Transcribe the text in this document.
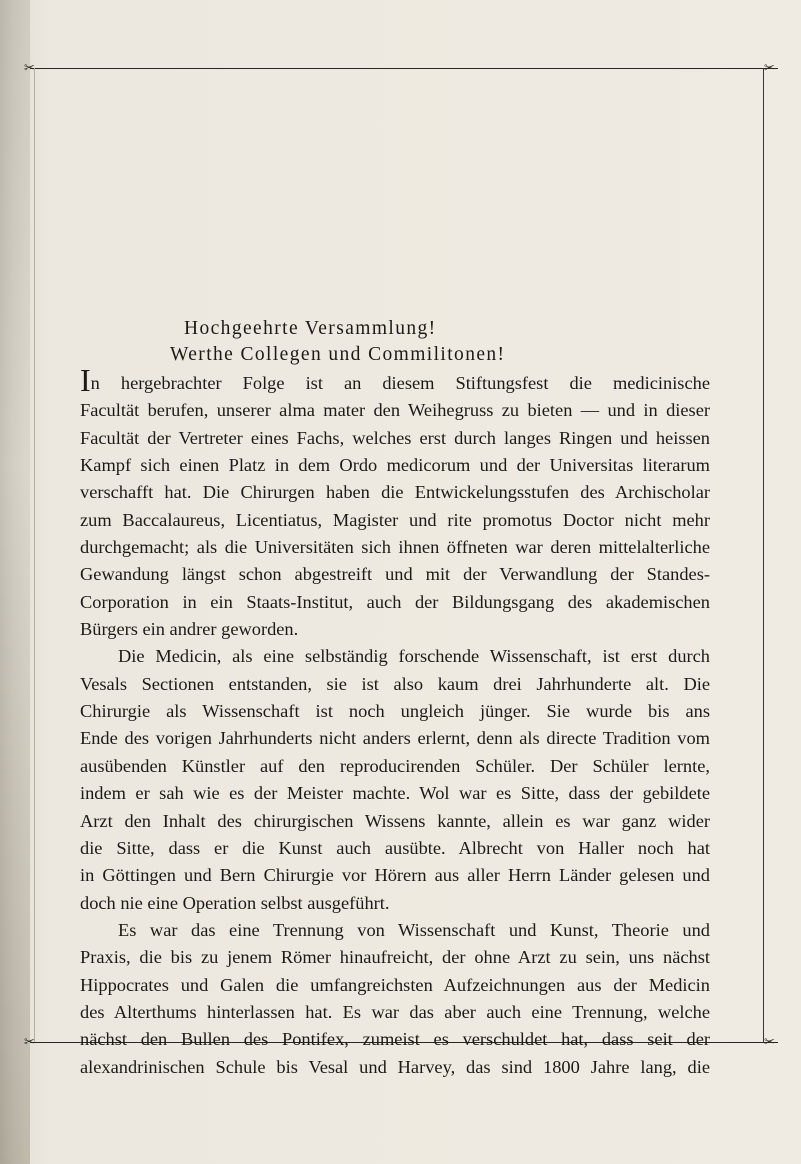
✂	✂
✂	✂
Hochgeehrte Versammlung!
Werthe Collegen und Commilitonen!
In hergebrachter Folge ist an diesem Stiftungsfest die medicinische
Facultät berufen, unserer alma mater den Weihegruss zu bieten — und in dieser
Facultät der Vertreter eines Fachs, welches erst durch langes Ringen und heissen
Kampf sich einen Platz in dem Ordo medicorum und der Universitas literarum
verschafft hat. Die Chirurgen haben die Entwickelungsstufen des Archischolar
zum Baccalaureus, Licentiatus, Magister und rite promotus Doctor nicht mehr
durchgemacht; als die Universitäten sich ihnen öffneten war deren mittelalterliche
Gewandung längst schon abgestreift und mit der Verwandlung der Standes-
Corporation in ein Staats-Institut, auch der Bildungsgang des akademischen
Bürgers ein andrer geworden.
Die Medicin, als eine selbständig forschende Wissenschaft, ist erst durch
Vesals Sectionen entstanden, sie ist also kaum drei Jahrhunderte alt. Die
Chirurgie als Wissenschaft ist noch ungleich jünger. Sie wurde bis ans
Ende des vorigen Jahrhunderts nicht anders erlernt, denn als directe Tradition vom
ausübenden Künstler auf den reproducirenden Schüler. Der Schüler lernte,
indem er sah wie es der Meister machte. Wol war es Sitte, dass der gebildete
Arzt den Inhalt des chirurgischen Wissens kannte, allein es war ganz wider
die Sitte, dass er die Kunst auch ausübte. Albrecht von Haller noch hat
in Göttingen und Bern Chirurgie vor Hörern aus aller Herrn Länder gelesen und
doch nie eine Operation selbst ausgeführt.
Es war das eine Trennung von Wissenschaft und Kunst, Theorie und
Praxis, die bis zu jenem Römer hinaufreicht, der ohne Arzt zu sein, uns nächst
Hippocrates und Galen die umfangreichsten Aufzeichnungen aus der Medicin
des Alterthums hinterlassen hat. Es war das aber auch eine Trennung, welche
nächst den Bullen des Pontifex, zumeist es verschuldet hat, dass seit der
alexandrinischen Schule bis Vesal und Harvey, das sind 1800 Jahre lang, die
